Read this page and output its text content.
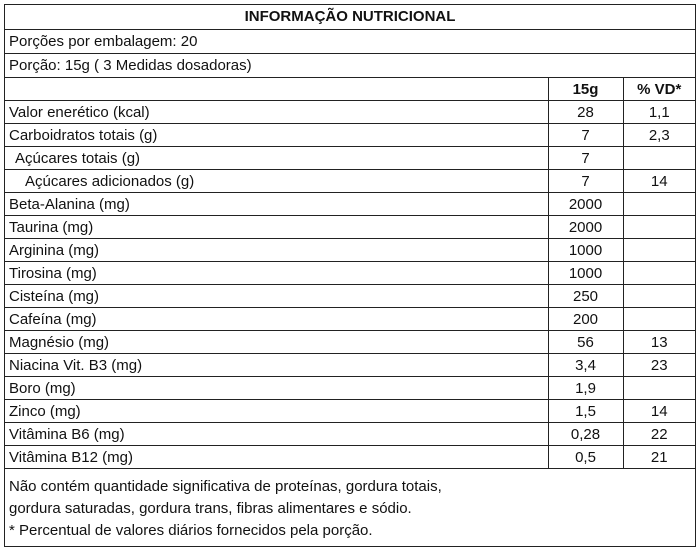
INFORMAÇÃO NUTRICIONAL
Porções por embalagem: 20
Porção: 15g ( 3 Medidas dosadoras)
	15g	% VD*
Valor enerético (kcal)	28	1,1
Carboidratos totais (g)	7	2,3
Açúcares totais (g)	7	
Açúcares adicionados (g)	7	14
Beta-Alanina (mg)	2000	
Taurina (mg)	2000	
Arginina (mg)	1000	
Tirosina (mg)	1000	
Cisteína (mg)	250	
Cafeína (mg)	200	
Magnésio (mg)	56	13
Niacina Vit. B3 (mg)	3,4	23
Boro (mg)	1,9	
Zinco (mg)	1,5	14
Vitâmina B6 (mg)	0,28	22
Vitâmina B12 (mg)	0,5	21
Não contém quantidade significativa de proteínas, gordura totais,
gordura saturadas, gordura trans, fibras alimentares e sódio.
* Percentual de valores diários fornecidos pela porção.
